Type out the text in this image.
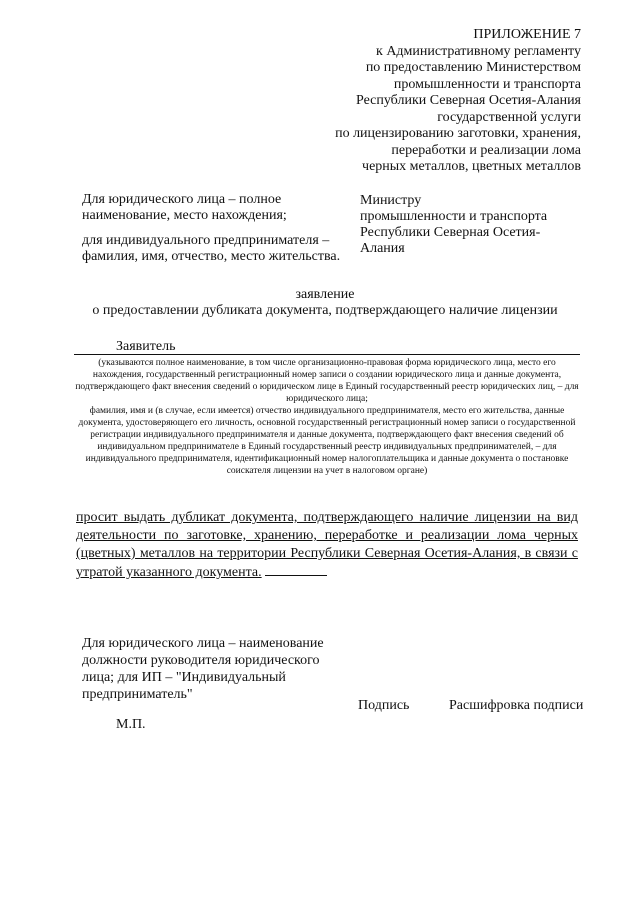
ПРИЛОЖЕНИЕ 7
к Административному регламенту
по предоставлению Министерством
промышленности и транспорта
Республики Северная Осетия-Алания
государственной услуги
по лицензированию заготовки, хранения,
переработки и реализации лома
черных металлов, цветных металлов

Для юридического лица – полное наименование, место нахождения;

для индивидуального предпринимателя – фамилия, имя, отчество, место жительства.

Министру
промышленности и транспорта
Республики Северная Осетия-
Алания
заявление
о предоставлении дубликата документа, подтверждающего наличие лицензии
Заявитель

(указываются полное наименование, в том числе организационно-правовая форма юридического лица, место его нахождения, государственный регистрационный номер записи о создании юридического лица и данные документа, подтверждающего факт внесения сведений о юридическом лице в Единый государственный реестр юридических лиц, – для юридического лица;

фамилия, имя и (в случае, если имеется) отчество индивидуального предпринимателя, место его жительства, данные документа, удостоверяющего его личность, основной государственный регистрационный номер записи о государственной регистрации индивидуального предпринимателя и данные документа, подтверждающего факт внесения сведений об индивидуальном предпринимателе в Единый государственный реестр индивидуальных предпринимателей, – для индивидуального предпринимателя, идентификационный номер налогоплательщика и данные документа о постановке соискателя лицензии на учет в налоговом органе)

просит выдать дубликат документа, подтверждающего наличие лицензии на вид деятельности по заготовке, хранению, переработке и реализации лома черных (цветных) металлов на территории Республики Северная Осетия-Алания, в связи с утратой указанного документа.
Для юридического лица – наименование должности руководителя юридического лица; для ИП – "Индивидуальный предприниматель"
Подпись	Расшифровка подписи
М.П.
